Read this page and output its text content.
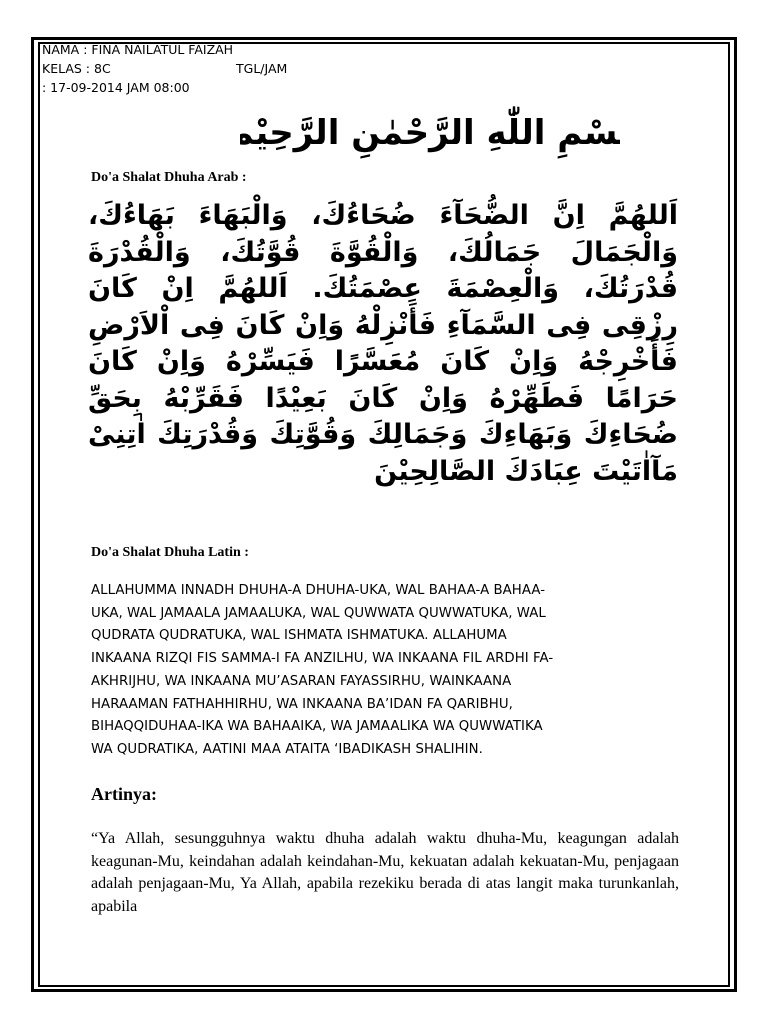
NAMA : FINA NAILATUL FAIZAH
KELAS : 8C	TGL/JAM
: 17-09-2014 JAM 08:00
بِسْمِ اللّٰهِ الرَّحْمٰنِ الرَّحِيْمِ
Do'a Shalat Dhuha Arab :
اَللهُمَّ اِنَّ الضُّحَآءَ ضُحَاءُكَ، وَالْبَهَاءَ بَهَاءُكَ، وَالْجَمَالَ جَمَالُكَ، وَالْقُوَّةَ قُوَّتُكَ، وَالْقُدْرَةَ قُدْرَتُكَ، وَالْعِصْمَةَ عِصْمَتُكَ. اَللهُمَّ اِنْ كَانَ رِزْقِى فِى السَّمَآءِ فَأَنْزِلْهُ وَاِنْ كَانَ فِى اْلاَرْضِ فَأَخْرِجْهُ وَاِنْ كَانَ مُعَسَّرًا فَيَسِّرْهُ وَاِنْ كَانَ حَرَامًا فَطَهِّرْهُ وَاِنْ كَانَ بَعِيْدًا فَقَرِّبْهُ بِحَقِّ ضُحَاءِكَ وَبَهَاءِكَ وَجَمَالِكَ وَقُوَّتِكَ وَقُدْرَتِكَ اٰتِنِىْ مَآاٰتَيْتَ عِبَادَكَ الصَّالِحِيْنَ
Do'a Shalat Dhuha Latin :
ALLAHUMMA INNADH DHUHA-A DHUHA-UKA, WAL BAHAA-A BAHAA-
UKA, WAL JAMAALA JAMAALUKA, WAL QUWWATA QUWWATUKA, WAL
QUDRATA QUDRATUKA, WAL ISHMATA ISHMATUKA. ALLAHUMA
INKAANA RIZQI FIS SAMMA-I FA ANZILHU, WA INKAANA FIL ARDHI FA-
AKHRIJHU, WA INKAANA MU’ASARAN FAYASSIRHU, WAINKAANA
HARAAMAN FATHAHHIRHU, WA INKAANA BA’IDAN FA QARIBHU,
BIHAQQIDUHAA-IKA WA BAHAAIKA, WA JAMAALIKA WA QUWWATIKA
WA QUDRATIKA, AATINI MAA ATAITA ‘IBADIKASH SHALIHIN.
Artinya:
“Ya Allah, sesungguhnya waktu dhuha adalah waktu dhuha-Mu, keagungan adalah keagunan-Mu, keindahan adalah keindahan-Mu, kekuatan adalah kekuatan-Mu, penjagaan adalah penjagaan-Mu, Ya Allah, apabila rezekiku berada di atas langit maka turunkanlah, apabila
